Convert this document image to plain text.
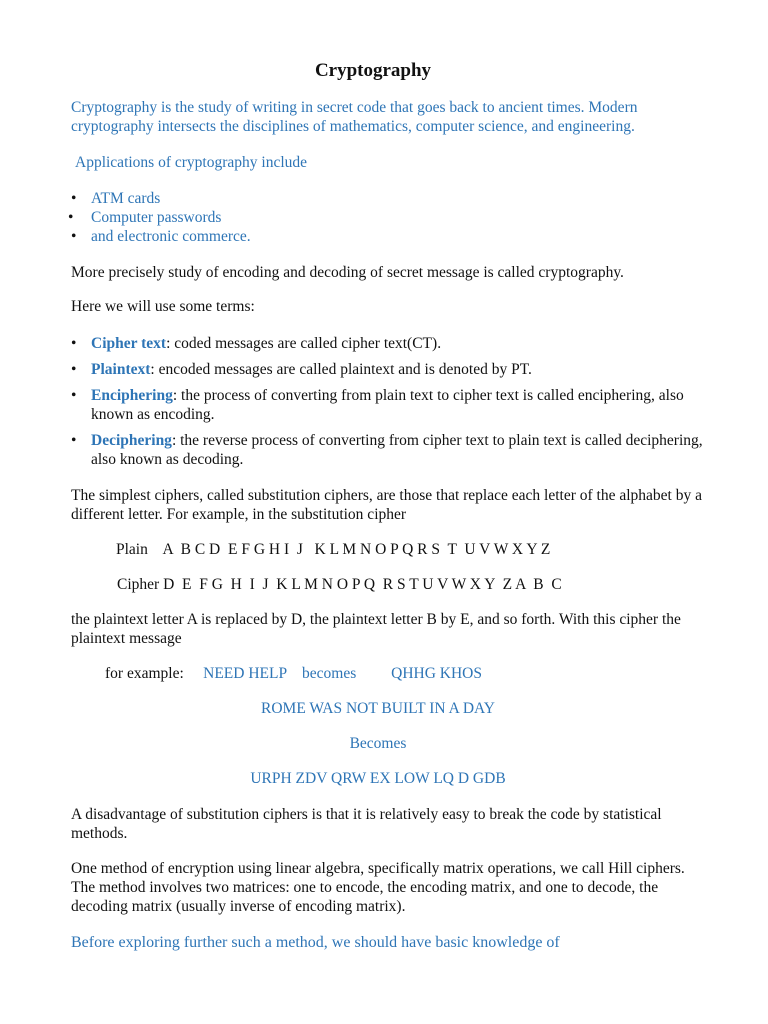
Cryptography

Cryptography is the study of writing in secret code that goes back to ancient times. Modern cryptography intersects the disciplines of mathematics, computer science, and engineering.

Applications of cryptography include

• ATM cards
• Computer passwords
• and electronic commerce.

More precisely study of encoding and decoding of secret message is called cryptography.

Here we will use some terms:

• Cipher text: coded messages are called cipher text(CT).
• Plaintext: encoded messages are called plaintext and is denoted by PT.
• Enciphering: the process of converting from plain text to cipher text is called enciphering, also known as encoding.
• Deciphering: the reverse process of converting from cipher text to plain text is called deciphering, also known as decoding.

The simplest ciphers, called substitution ciphers, are those that replace each letter of the alphabet by a different letter. For example, in the substitution cipher

Plain A  B C D  E F G H I  J   K L M N O P Q R S  T  U V W X Y Z
Cipher D  E  F G  H  I  J  K L M N O P Q  R S T U V W X Y  Z A  B  C

the plaintext letter A is replaced by D, the plaintext letter B by E, and so forth. With this cipher the plaintext message

for example: NEED HELP becomes QHHG KHOS
ROME WAS NOT BUILT IN A DAY
Becomes
URPH ZDV QRW EX LOW LQ D GDB

A disadvantage of substitution ciphers is that it is relatively easy to break the code by statistical methods.

One method of encryption using linear algebra, specifically matrix operations, we call Hill ciphers. The method involves two matrices: one to encode, the encoding matrix, and one to decode, the decoding matrix (usually inverse of encoding matrix).

Before exploring further such a method, we should have basic knowledge of
